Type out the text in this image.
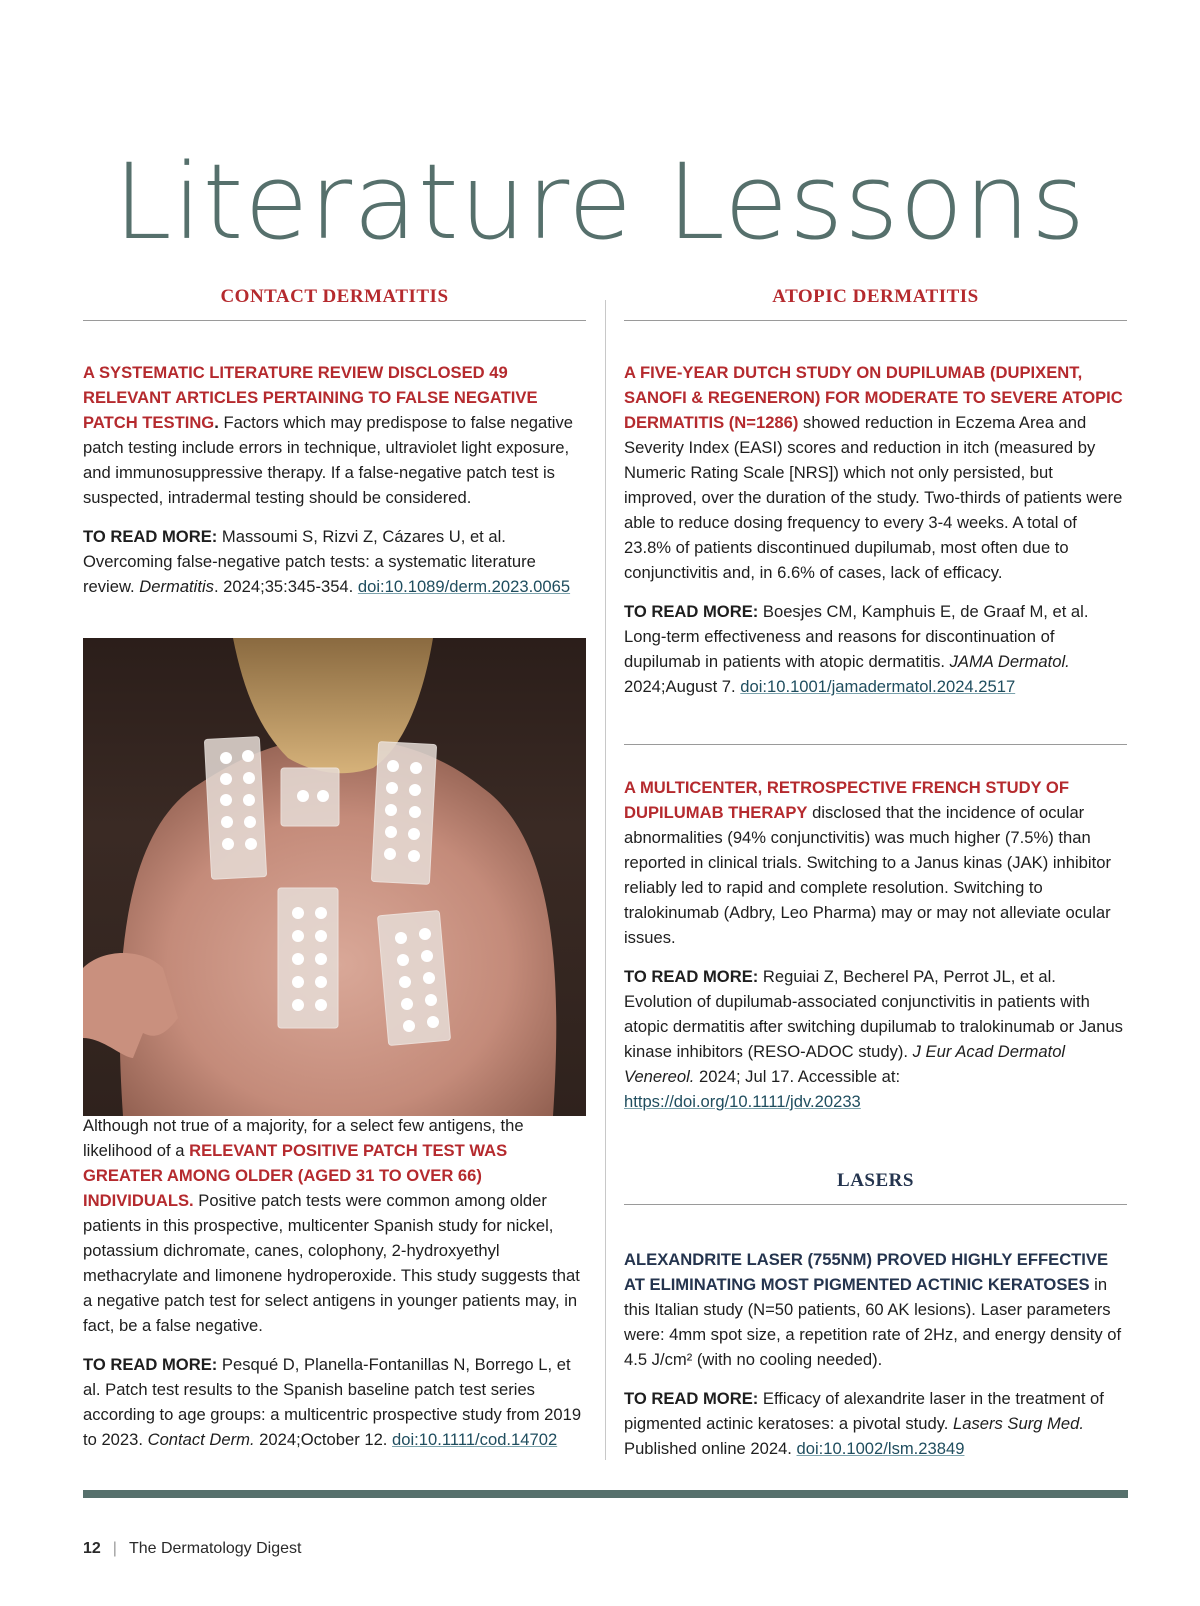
Literature Lessons
CONTACT DERMATITIS

A SYSTEMATIC LITERATURE REVIEW DISCLOSED 49 RELEVANT ARTICLES PERTAINING TO FALSE NEGATIVE PATCH TESTING. Factors which may predispose to false negative patch testing include errors in technique, ultraviolet light exposure, and immunosuppressive therapy. If a false-negative patch test is suspected, intradermal testing should be considered.

TO READ MORE: Massoumi S, Rizvi Z, Cázares U, et al. Overcoming false-negative patch tests: a systematic literature review. Dermatitis. 2024;35:345-354. doi:10.1089/derm.2023.0065

Although not true of a majority, for a select few antigens, the likelihood of a RELEVANT POSITIVE PATCH TEST WAS GREATER AMONG OLDER (AGED 31 TO OVER 66) INDIVIDUALS. Positive patch tests were common among older patients in this prospective, multicenter Spanish study for nickel, potassium dichromate, canes, colophony, 2-hydroxyethyl methacrylate and limonene hydroperoxide. This study suggests that a negative patch test for select antigens in younger patients may, in fact, be a false negative.

TO READ MORE: Pesqué D, Planella-Fontanillas N, Borrego L, et al. Patch test results to the Spanish baseline patch test series according to age groups: a multicentric prospective study from 2019 to 2023. Contact Derm. 2024;October 12. doi:10.1111/cod.14702

ATOPIC DERMATITIS

A FIVE-YEAR DUTCH STUDY ON DUPILUMAB (DUPIXENT, SANOFI & REGENERON) FOR MODERATE TO SEVERE ATOPIC DERMATITIS (N=1286) showed reduction in Eczema Area and Severity Index (EASI) scores and reduction in itch (measured by Numeric Rating Scale [NRS]) which not only persisted, but improved, over the duration of the study. Two-thirds of patients were able to reduce dosing frequency to every 3-4 weeks. A total of 23.8% of patients discontinued dupilumab, most often due to conjunctivitis and, in 6.6% of cases, lack of efficacy.

TO READ MORE: Boesjes CM, Kamphuis E, de Graaf M, et al. Long-term effectiveness and reasons for discontinuation of dupilumab in patients with atopic dermatitis. JAMA Dermatol. 2024;August 7. doi:10.1001/jamadermatol.2024.2517

A MULTICENTER, RETROSPECTIVE FRENCH STUDY OF DUPILUMAB THERAPY disclosed that the incidence of ocular abnormalities (94% conjunctivitis) was much higher (7.5%) than reported in clinical trials. Switching to a Janus kinas (JAK) inhibitor reliably led to rapid and complete resolution. Switching to tralokinumab (Adbry, Leo Pharma) may or may not alleviate ocular issues.

TO READ MORE: Reguiai Z, Becherel PA, Perrot JL, et al. Evolution of dupilumab-associated conjunctivitis in patients with atopic dermatitis after switching dupilumab to tralokinumab or Janus kinase inhibitors (RESO-ADOC study). J Eur Acad Dermatol Venereol. 2024; Jul 17. Accessible at: https://doi.org/10.1111/jdv.20233

LASERS

ALEXANDRITE LASER (755NM) PROVED HIGHLY EFFECTIVE AT ELIMINATING MOST PIGMENTED ACTINIC KERATOSES in this Italian study (N=50 patients, 60 AK lesions). Laser parameters were: 4mm spot size, a repetition rate of 2Hz, and energy density of 4.5 J/cm² (with no cooling needed).

TO READ MORE: Efficacy of alexandrite laser in the treatment of pigmented actinic keratoses: a pivotal study. Lasers Surg Med. Published online 2024. doi:10.1002/lsm.23849

12 | The Dermatology Digest
